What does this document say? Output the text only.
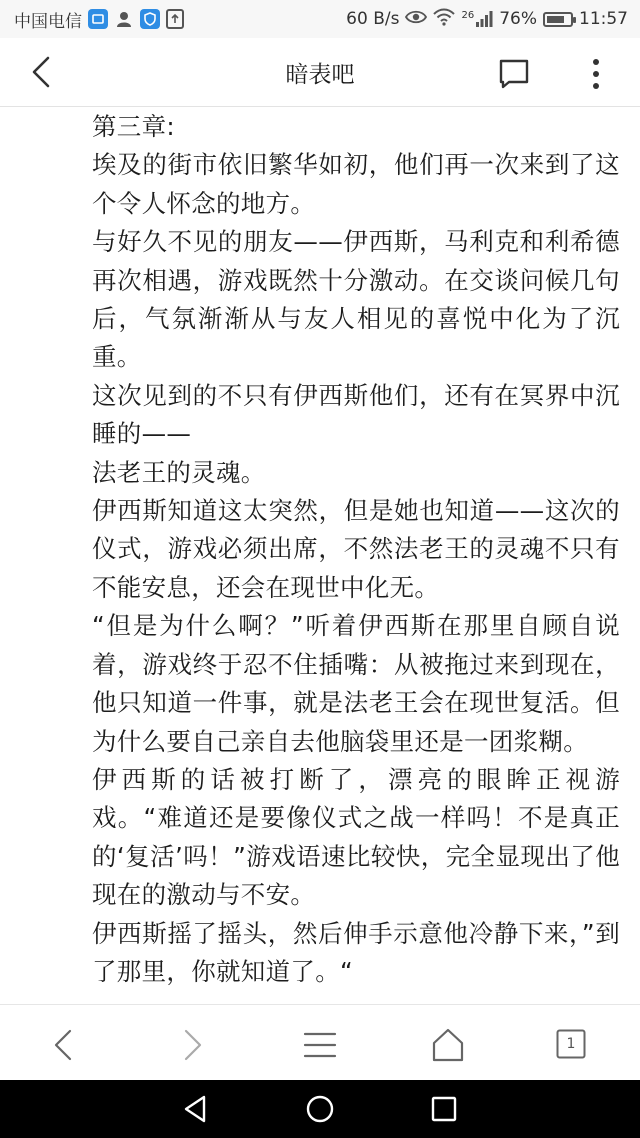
中国电信	60 B/s	26 76% 11:57
暗表吧

第三章:

埃及的街市依旧繁华如初，他们再一次来到了这个令人怀念的地方。

与好久不见的朋友——伊西斯，马利克和利希德再次相遇，游戏既然十分激动。在交谈问候几句后，气氛渐渐从与友人相见的喜悦中化为了沉重。

这次见到的不只有伊西斯他们，还有在冥界中沉睡的——

法老王的灵魂。

伊西斯知道这太突然，但是她也知道——这次的仪式，游戏必须出席，不然法老王的灵魂不只有不能安息，还会在现世中化无。

“但是为什么啊？”听着伊西斯在那里自顾自说着，游戏终于忍不住插嘴：从被拖过来到现在，他只知道一件事，就是法老王会在现世复活。但为什么要自己亲自去他脑袋里还是一团浆糊。

伊西斯的话被打断了，漂亮的眼眸正视游戏。“难道还是要像仪式之战一样吗！不是真正的‘复活’吗！”游戏语速比较快，完全显现出了他现在的激动与不安。

伊西斯摇了摇头，然后伸手示意他冷静下来，”到了那里，你就知道了。“

1
